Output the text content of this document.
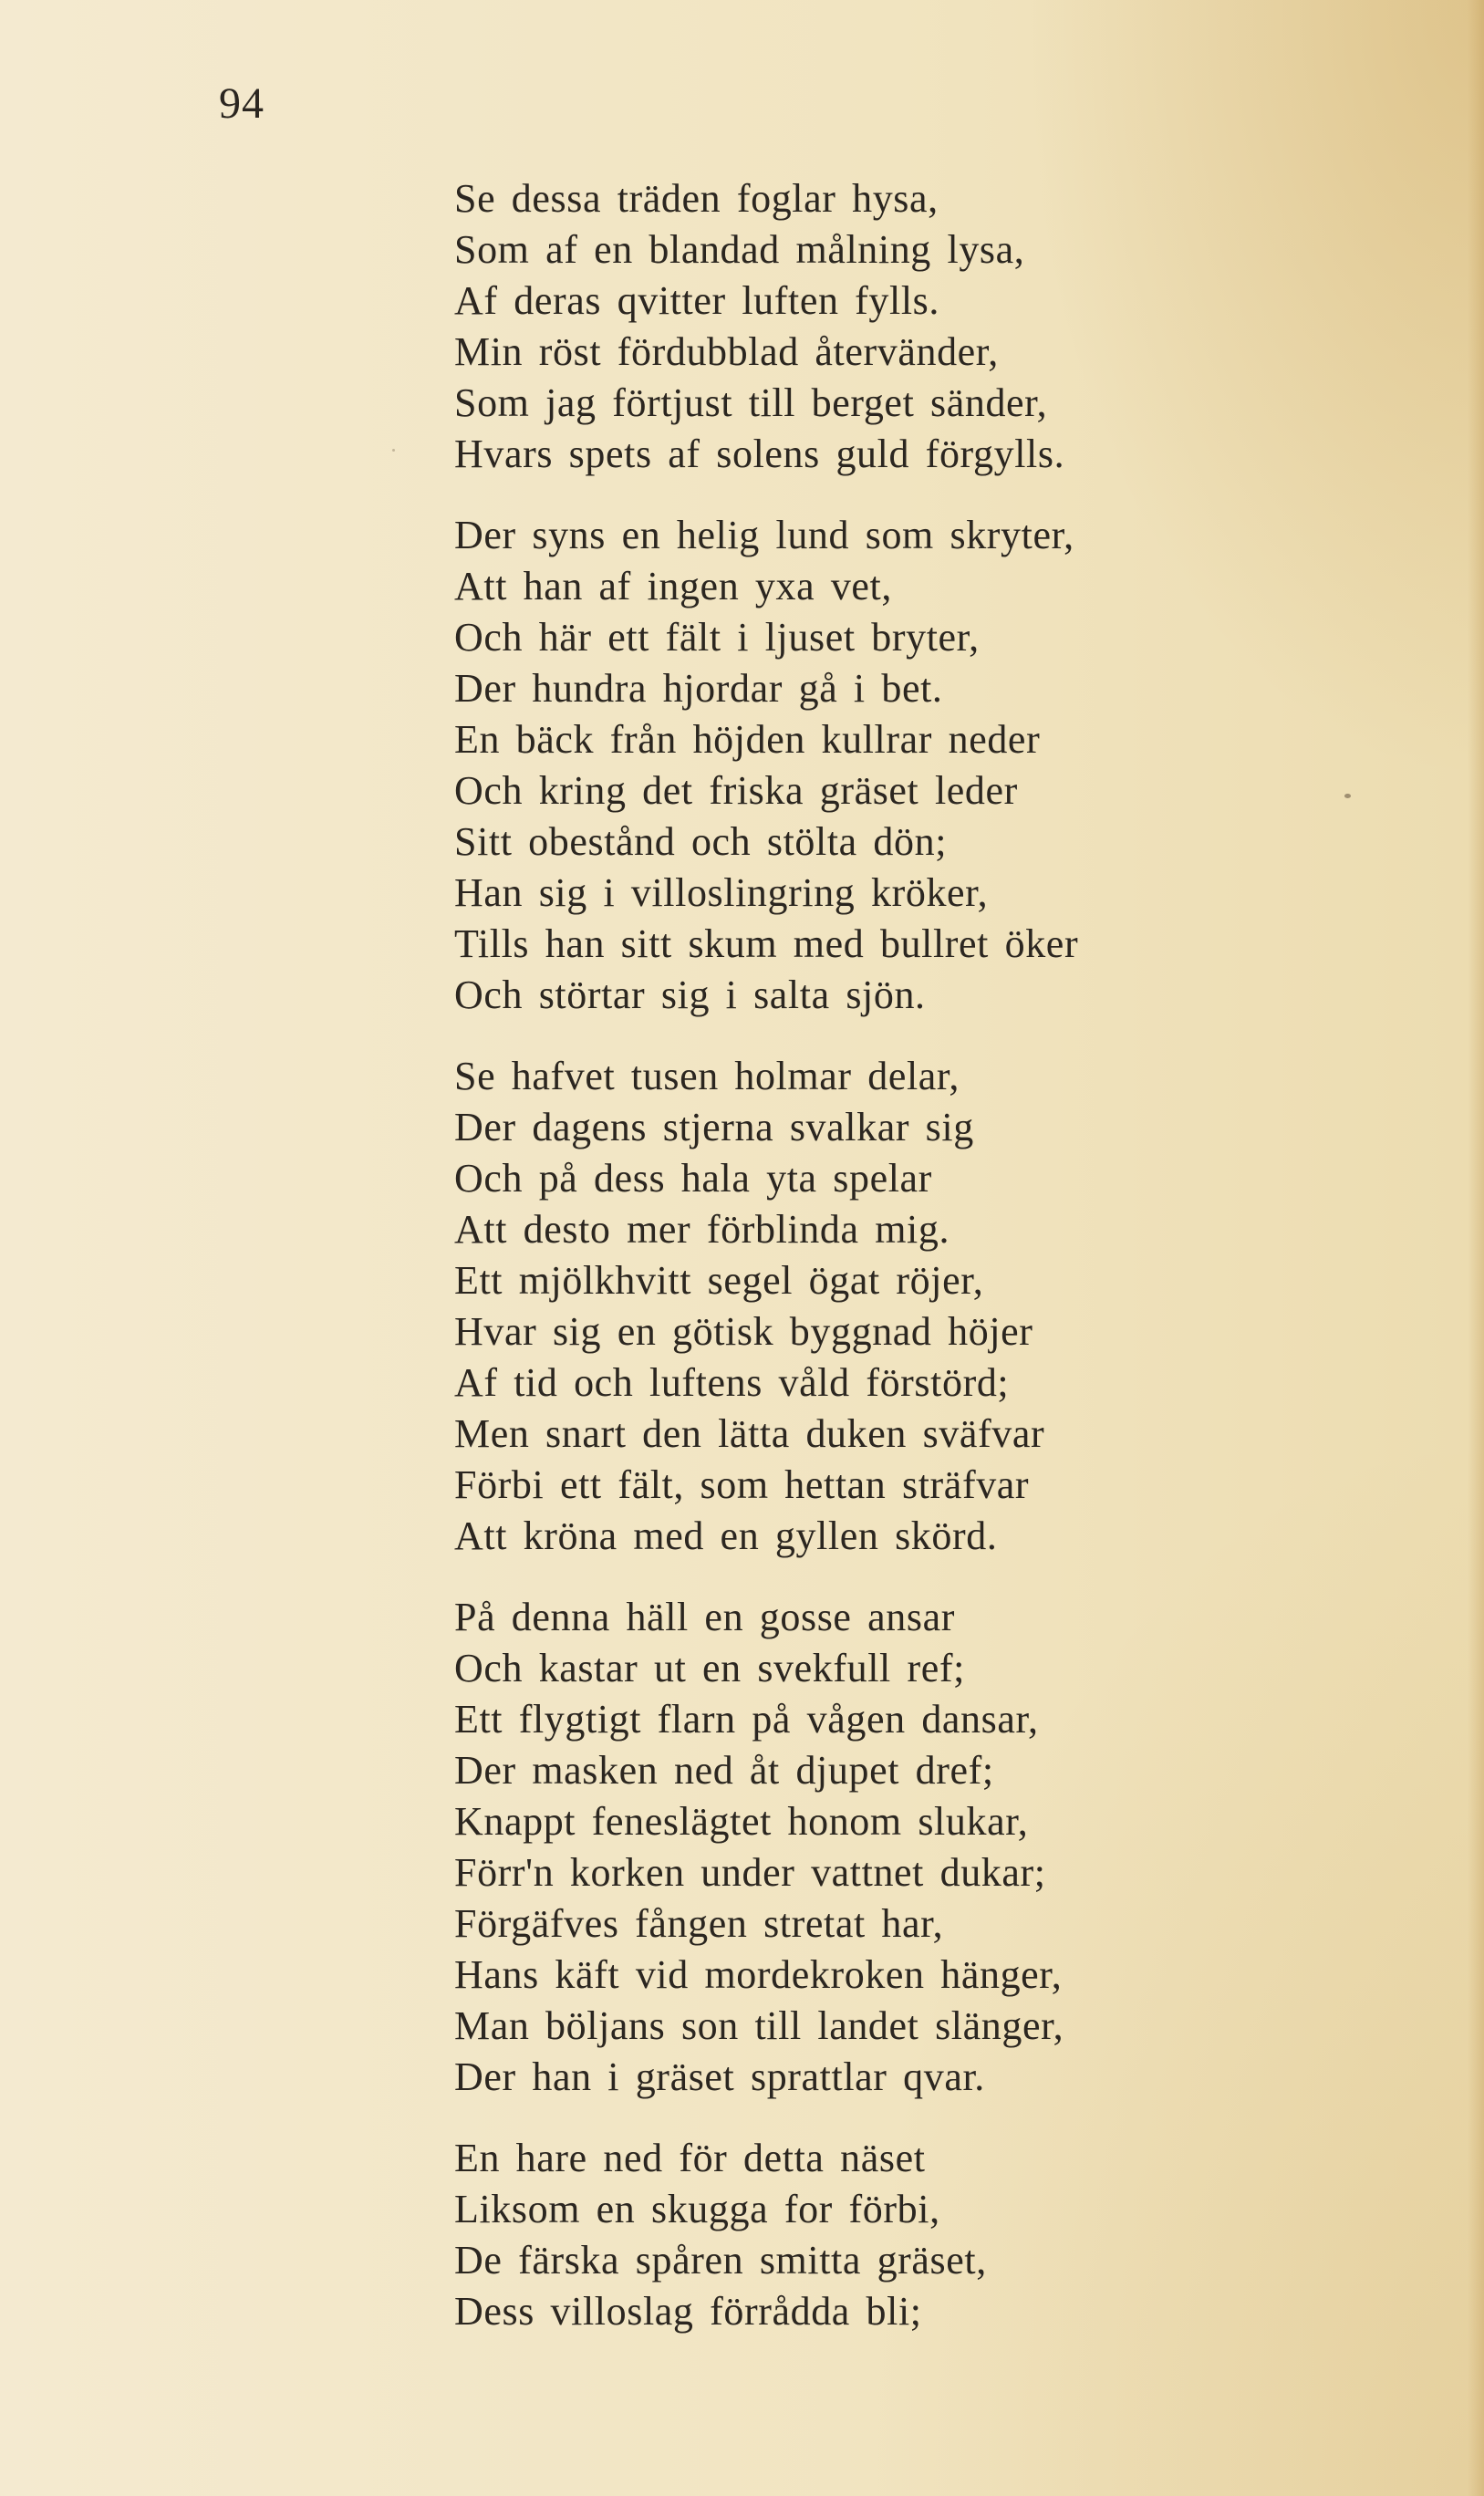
94
Se dessa träden foglar hysa,
Som af en blandad målning lysa,
Af deras qvitter luften fylls.
Min röst fördubblad återvänder,
Som jag förtjust till berget sänder,
Hvars spets af solens guld förgylls.
Der syns en helig lund som skryter,
Att han af ingen yxa vet,
Och här ett fält i ljuset bryter,
Der hundra hjordar gå i bet.
En bäck från höjden kullrar neder
Och kring det friska gräset leder
Sitt obestånd och stölta dön;
Han sig i villoslingring kröker,
Tills han sitt skum med bullret öker
Och störtar sig i salta sjön.
Se hafvet tusen holmar delar,
Der dagens stjerna svalkar sig
Och på dess hala yta spelar
Att desto mer förblinda mig.
Ett mjölkhvitt segel ögat röjer,
Hvar sig en götisk byggnad höjer
Af tid och luftens våld förstörd;
Men snart den lätta duken sväfvar
Förbi ett fält, som hettan sträfvar
Att kröna med en gyllen skörd.
På denna häll en gosse ansar
Och kastar ut en svekfull ref;
Ett flygtigt flarn på vågen dansar,
Der masken ned åt djupet dref;
Knappt feneslägtet honom slukar,
Förr'n korken under vattnet dukar;
Förgäfves fången stretat har,
Hans käft vid mordekroken hänger,
Man böljans son till landet slänger,
Der han i gräset sprattlar qvar.
En hare ned för detta näset
Liksom en skugga for förbi,
De färska spåren smitta gräset,
Dess villoslag förrådda bli;
